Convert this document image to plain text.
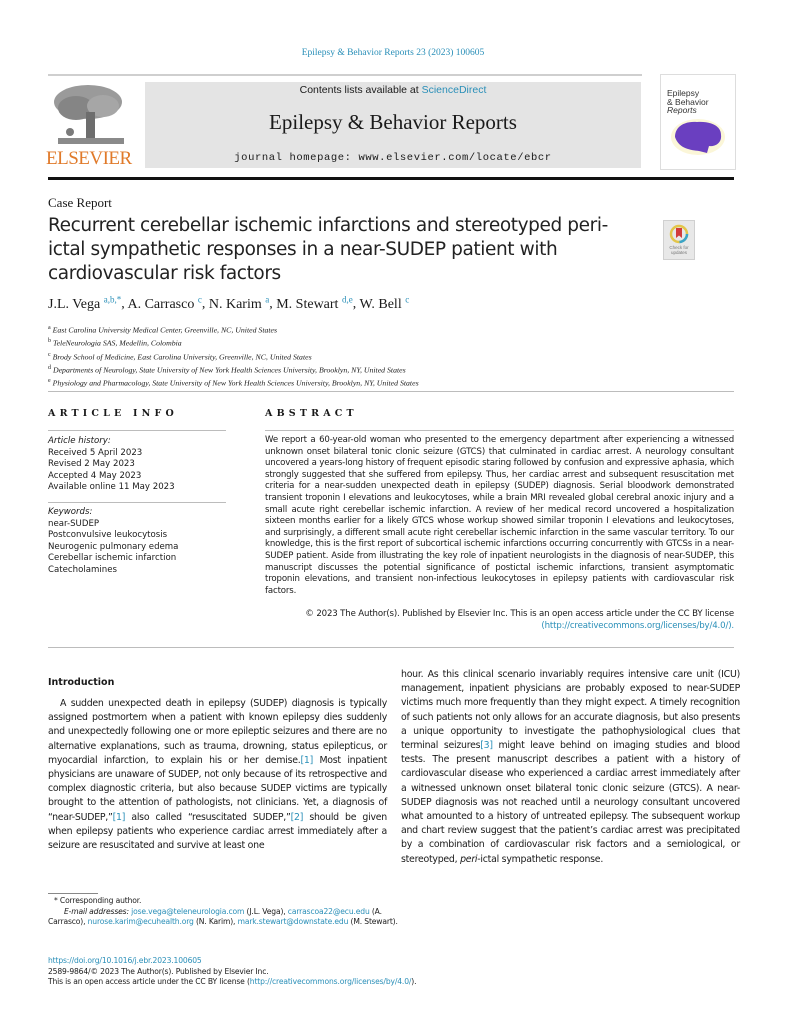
Epilepsy & Behavior Reports 23 (2023) 100605
ELSEVIER
Contents lists available at ScienceDirect
Epilepsy & Behavior Reports
journal homepage: www.elsevier.com/locate/ebcr
Epilepsy
& Behavior
Reports
Case Report
Recurrent cerebellar ischemic infarctions and stereotyped peri-ictal sympathetic responses in a near-SUDEP patient with cardiovascular risk factors
Check for updates
J.L. Vega $^{a,b,*}$, A. Carrasco $^c$, N. Karim $^a$, M. Stewart $^{d,e}$, W. Bell $^c$
$^a$ East Carolina University Medical Center, Greenville, NC, United States
$^b$ TeleNeurologia SAS, Medellin, Colombia
$^c$ Brody School of Medicine, East Carolina University, Greenville, NC, United States
$^d$ Departments of Neurology, State University of New York Health Sciences University, Brooklyn, NY, United States
$^e$ Physiology and Pharmacology, State University of New York Health Sciences University, Brooklyn, NY, United States
ARTICLE INFO	ABSTRACT
Article history:
Received 5 April 2023
Revised 2 May 2023
Accepted 4 May 2023
Available online 11 May 2023
Keywords:
near-SUDEP
Postconvulsive leukocytosis
Neurogenic pulmonary edema
Cerebellar ischemic infarction
Catecholamines

We report a 60-year-old woman who presented to the emergency department after experiencing a witnessed unknown onset bilateral tonic clonic seizure (GTCS) that culminated in cardiac arrest. A neurology consultant uncovered a years-long history of frequent episodic staring followed by confusion and expressive aphasia, which strongly suggested that she suffered from epilepsy. Thus, her cardiac arrest and subsequent resuscitation met criteria for a near-sudden unexpected death in epilepsy (SUDEP) diagnosis. Serial bloodwork demonstrated transient troponin I elevations and leukocytoses, while a brain MRI revealed global cerebral anoxic injury and a small acute right cerebellar ischemic infarction. A review of her medical record uncovered a hospitalization sixteen months earlier for a likely GTCS whose workup showed similar troponin I elevations and leukocytoses, and surprisingly, a different small acute right cerebellar ischemic infarction in the same vascular territory. To our knowledge, this is the first report of subcortical ischemic infarctions occurring concurrently with GTCSs in a near-SUDEP patient. Aside from illustrating the key role of inpatient neurologists in the diagnosis of near-SUDEP, this manuscript discusses the potential significance of postictal ischemic infarctions, transient asymptomatic troponin elevations, and transient non-infectious leukocytoses in epilepsy patients with cardiovascular risk factors.

© 2023 The Author(s). Published by Elsevier Inc. This is an open access article under the CC BY license
(http://creativecommons.org/licenses/by/4.0/).
Introduction

A sudden unexpected death in epilepsy (SUDEP) diagnosis is typically assigned postmortem when a patient with known epilepsy dies suddenly and unexpectedly following one or more epileptic seizures and there are no alternative explanations, such as trauma, drowning, status epilepticus, or myocardial infarction, to explain his or her demise.[1] Most inpatient physicians are unaware of SUDEP, not only because of its retrospective and complex diagnostic criteria, but also because SUDEP victims are typically brought to the attention of pathologists, not clinicians. Yet, a diagnosis of “near-SUDEP,”[1] also called “resuscitated SUDEP,”[2] should be given when epilepsy patients who experience cardiac arrest immediately after a seizure are resuscitated and survive at least one

hour. As this clinical scenario invariably requires intensive care unit (ICU) management, inpatient physicians are probably exposed to near-SUDEP victims much more frequently than they might expect. A timely recognition of such patients not only allows for an accurate diagnosis, but also presents a unique opportunity to investigate the pathophysiological clues that terminal seizures[3] might leave behind on imaging studies and blood tests. The present manuscript describes a patient with a history of cardiovascular disease who experienced a cardiac arrest immediately after a witnessed unknown onset bilateral tonic clonic seizure (GTCS). A near-SUDEP diagnosis was not reached until a neurology consultant uncovered what amounted to a history of untreated epilepsy. The subsequent workup and chart review suggest that the patient’s cardiac arrest was precipitated by a combination of cardiovascular risk factors and a semiological, or stereotyped, peri-ictal sympathetic response.

* Corresponding author.
E-mail addresses: jose.vega@teleneurologia.com (J.L. Vega), carrascoa22@ecu.edu (A. Carrasco), nurose.karim@ecuhealth.org (N. Karim), mark.stewart@downstate.edu (M. Stewart).
https://doi.org/10.1016/j.ebr.2023.100605
2589-9864/© 2023 The Author(s). Published by Elsevier Inc.
This is an open access article under the CC BY license (http://creativecommons.org/licenses/by/4.0/).
